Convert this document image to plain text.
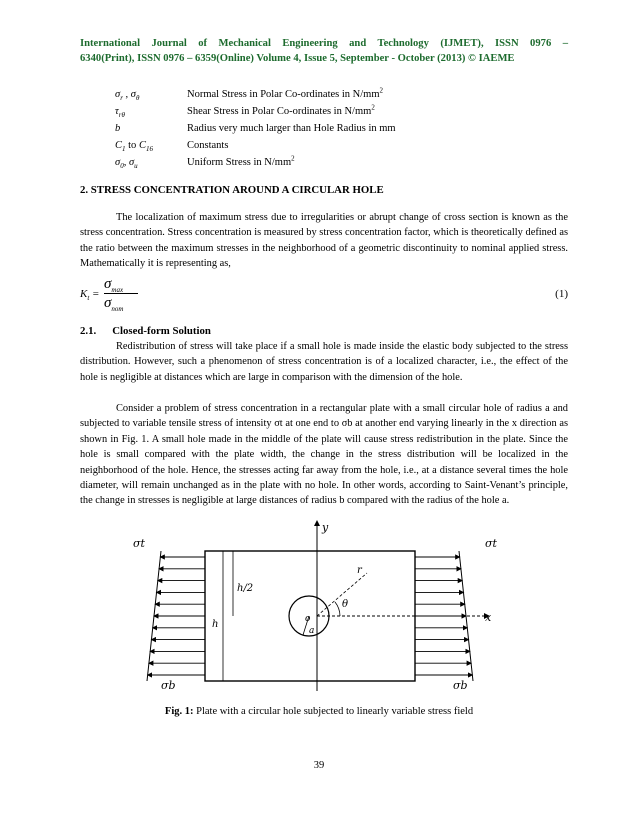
International Journal of Mechanical Engineering and Technology (IJMET), ISSN 0976 –

6340(Print), ISSN 0976 – 6359(Online) Volume 4, Issue 5, September - October (2013) © IAEME

$\sigma_r$ , $\sigma_\theta$	Normal Stress in Polar Co-ordinates in $N/mm^2$
$\tau_{r\theta}$	Shear Stress in Polar Co-ordinates in $N/mm^2$
b	Radius very much larger than Hole Radius in mm
$C_1$ to $C_{16}$	Constants
$\sigma_0$, $\sigma_u$	Uniform Stress in $N/mm^2$

2. STRESS CONCENTRATION AROUND A CIRCULAR HOLE

The localization of maximum stress due to irregularities or abrupt change of cross section is known as the stress concentration. Stress concentration is measured by stress concentration factor, which is theoretically defined as the ratio between the maximum stresses in the neighborhood of a geometric discontinuity to nominal applied stress. Mathematically it is representing as,

$K_t$ =
$\sigma_{max}$
$\sigma_{nom}$
(1)

2.1. Closed-form Solution

Redistribution of stress will take place if a small hole is made inside the elastic body subjected to the stress distribution. However, such a phenomenon of stress concentration is of a localized character, i.e., the effect of the hole is negligible at distances which are large in comparison with the dimension of the hole.

Consider a problem of stress concentration in a rectangular plate with a small circular hole of radius a and subjected to variable tensile stress of intensity σt at one end to σb at another end varying linearly in the x direction as shown in Fig. 1. A small hole made in the middle of the plate will cause stress redistribution in the plate. Since the hole is small compared with the plate width, the change in the stress distribution will be localized in the neighborhood of the hole. Hence, the stresses acting far away from the hole, i.e., at a distance several times the hole diameter, will remain unchanged as in the plate with no hole. In other words, according to Saint-Venant’s principle, the change in stresses is negligible at large distances of radius b compared with the radius of the hole a.

σt	σt
σb	σb
y
x
h/2
h
r
θ
o
a

Fig. 1: Plate with a circular hole subjected to linearly variable stress field

39
